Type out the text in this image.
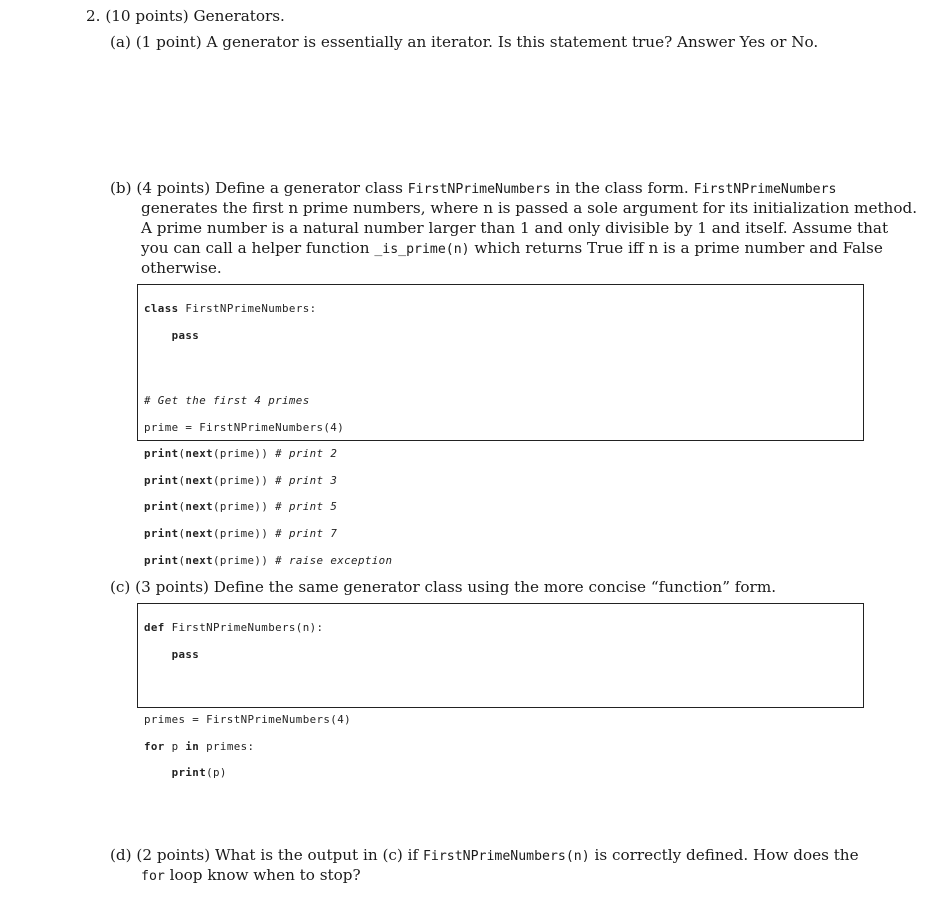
2. (10 points) Generators.
(a) (1 point) A generator is essentially an iterator. Is this statement true? Answer Yes or No.
(b) (4 points) Define a generator class FirstNPrimeNumbers in the class form. FirstNPrimeNumbers
generates the first n prime numbers, where n is passed a sole argument for its initialization method.
A prime number is a natural number larger than 1 and only divisible by 1 and itself. Assume that
you can call a helper function _is_prime(n) which returns True iff n is a prime number and False
otherwise.

class FirstNPrimeNumbers:

pass

# Get the first 4 primes

prime = FirstNPrimeNumbers(4)

print(next(prime)) # print 2

print(next(prime)) # print 3

print(next(prime)) # print 5

print(next(prime)) # print 7

print(next(prime)) # raise exception

(c) (3 points) Define the same generator class using the more concise “function” form.

def FirstNPrimeNumbers(n):

pass

primes = FirstNPrimeNumbers(4)

for p in primes:

print(p)

(d) (2 points) What is the output in (c) if FirstNPrimeNumbers(n) is correctly defined. How does the
for loop know when to stop?
